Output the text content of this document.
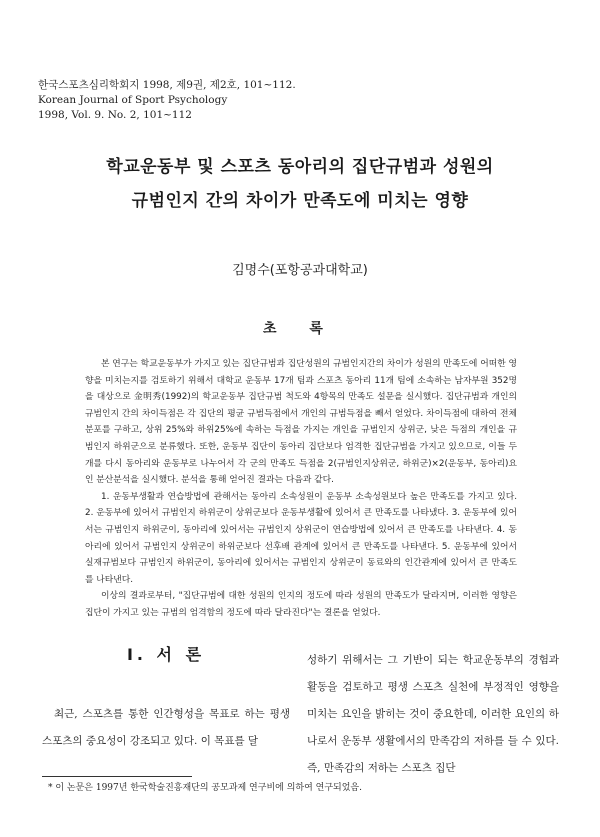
한국스포츠심리학회지 1998, 제9권, 제2호, 101~112.
Korean Journal of Sport Psychology
1998, Vol. 9. No. 2, 101~112
학교운동부 및 스포츠 동아리의 집단규범과 성원의
규범인지 간의 차이가 만족도에 미치는 영향
김명수(포항공과대학교)
초 록

본 연구는 학교운동부가 가지고 있는 집단규범과 집단성원의 규범인지간의 차이가 성원의 만족도에 어떠한 영향을 미치는지를 검토하기 위해서 대학교 운동부 17개 팀과 스포츠 동아리 11개 팀에 소속하는 남자부원 352명을 대상으로 金明秀(1992)의 학교운동부 집단규범 척도와 4항목의 만족도 설문을 실시했다. 집단규범과 개인의 규범인지 간의 차이득점은 각 집단의 평균 규범득점에서 개인의 규범득점을 빼서 얻었다. 차이득점에 대하여 전체 분포를 구하고, 상위 25%와 하위25%에 속하는 득점을 가지는 개인을 규범인지 상위군, 낮은 득점의 개인을 규범인지 하위군으로 분류했다. 또한, 운동부 집단이 동아리 집단보다 엄격한 집단규범을 가지고 있으므로, 이들 두 개를 다시 동아리와 운동부로 나누어서 각 군의 만족도 득점을 2(규범인지상위군, 하위군)×2(운동부, 동아리)요인 분산분석을 실시했다. 분석을 통해 얻어진 결과는 다음과 같다.

1. 운동부생활과 연습방법에 관해서는 동아리 소속성원이 운동부 소속성원보다 높은 만족도를 가지고 있다. 2. 운동부에 있어서 규범인지 하위군이 상위군보다 운동부생활에 있어서 큰 만족도를 나타냈다. 3. 운동부에 있어서는 규범인지 하위군이, 동아리에 있어서는 규범인지 상위군이 연습방법에 있어서 큰 만족도를 나타낸다. 4. 동아리에 있어서 규범인지 상위군이 하위군보다 선후배 관계에 있어서 큰 만족도를 나타낸다. 5. 운동부에 있어서 실재규범보다 규범인지 하위군이, 동아리에 있어서는 규범인지 상위군이 동료와의 인간관계에 있어서 큰 만족도를 나타낸다.

이상의 결과로부터, "집단규범에 대한 성원의 인지의 정도에 따라 성원의 만족도가 달라지며, 이러한 영향은 집단이 가지고 있는 규범의 엄격함의 정도에 따라 달라진다"는 결론을 얻었다.

I. 서 론

최근, 스포츠를 통한 인간형성을 목표로 하는 평생 스포츠의 중요성이 강조되고 있다. 이 목표를 달

성하기 위해서는 그 기반이 되는 학교운동부의 경험과 활동을 검토하고 평생 스포츠 실천에 부정적인 영향을 미치는 요인을 밝히는 것이 중요한데, 이러한 요인의 하나로서 운동부 생활에서의 만족감의 저하를 들 수 있다. 즉, 만족감의 저하는 스포츠 집단

* 이 논문은 1997년 한국학술진흥재단의 공모과제 연구비에 의하여 연구되었음.
